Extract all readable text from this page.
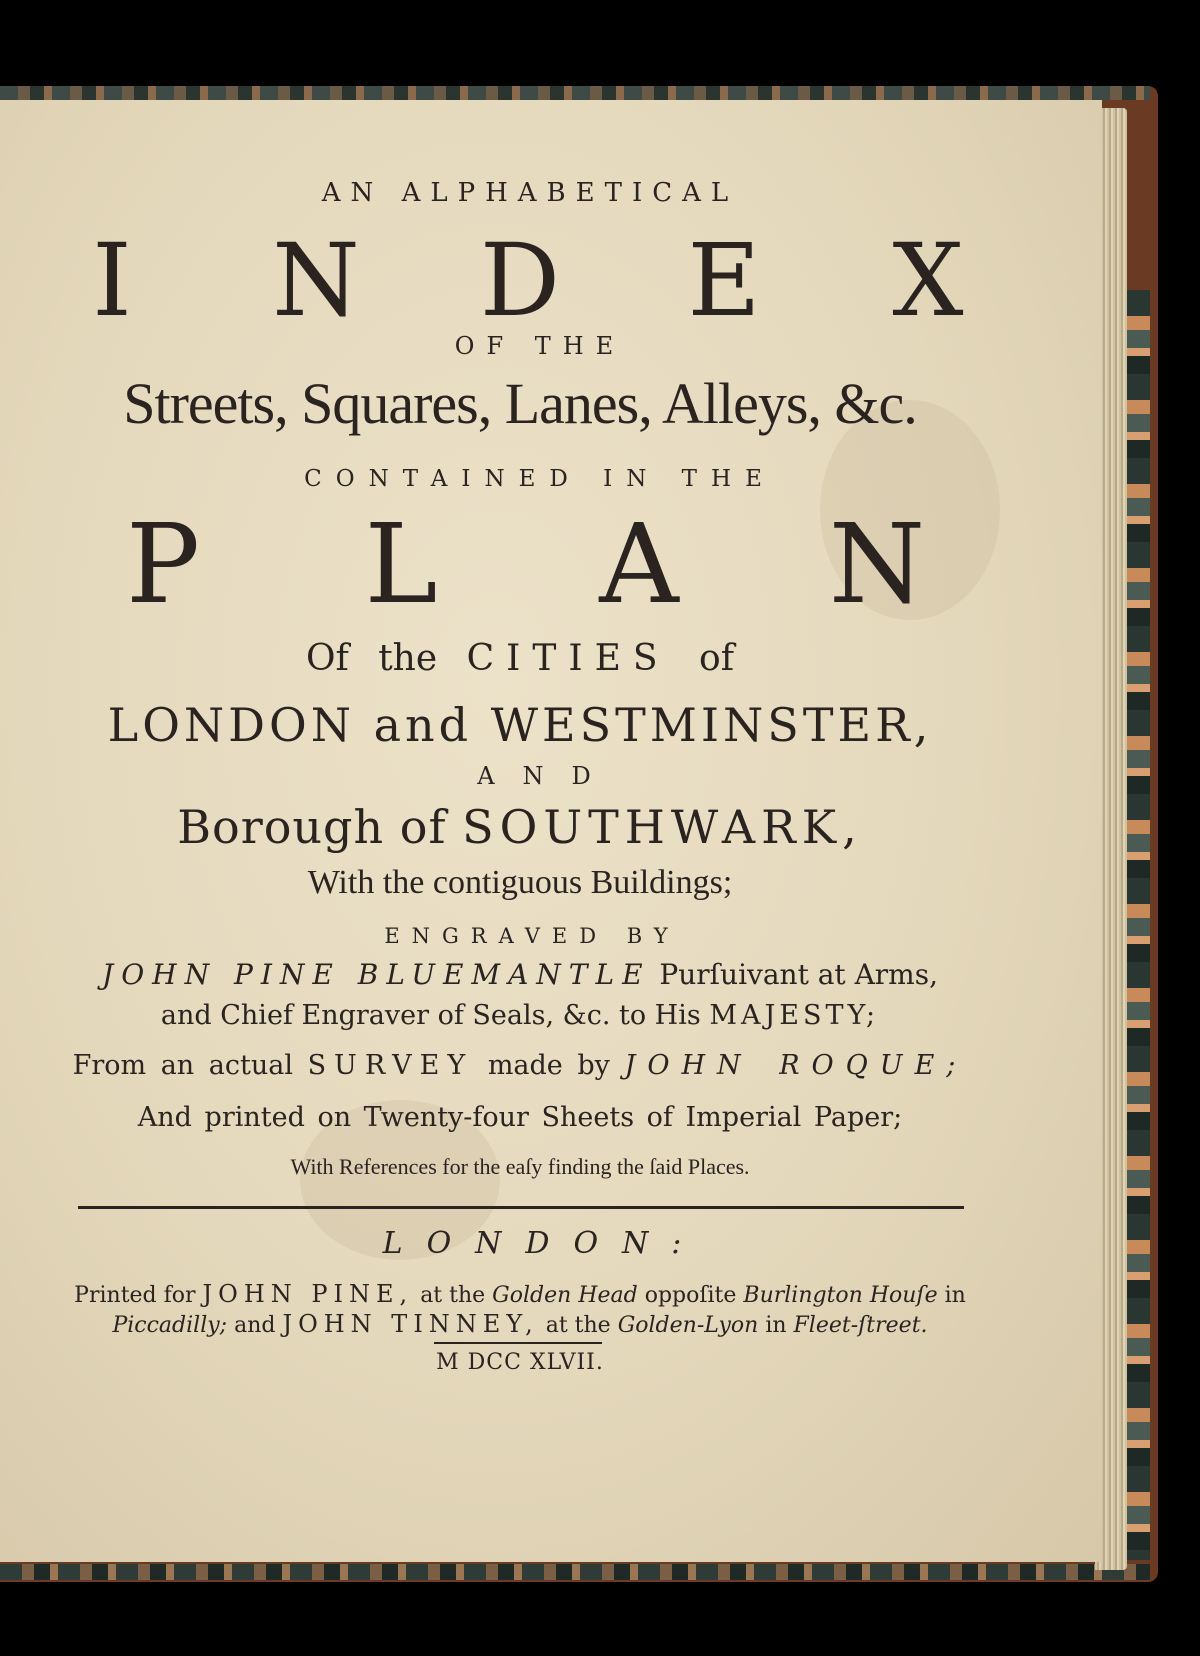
AN ALPHABETICAL
I N D E X
OF THE
Streets, Squares, Lanes, Alleys, &c.
CONTAINED IN THE
P L A N
Of the CITIES of
LONDON and WESTMINSTER,
AND
Borough of SOUTHWARK,
With the contiguous Buildings;
ENGRAVED BY
JOHN PINE BLUEMANTLE Purſuivant at Arms,
and Chief Engraver of Seals, &c. to His MAJESTY;
From an actual SURVEY made by JOHN ROQUE;
And printed on Twenty-four Sheets of Imperial Paper;
With References for the eaſy finding the ſaid Places.
LONDON:
Printed for JOHN PINE, at the Golden Head oppoſite Burlington Houſe in
Piccadilly; and JOHN TINNEY, at the Golden-Lyon in Fleet-ſtreet.
M DCC XLVII.
